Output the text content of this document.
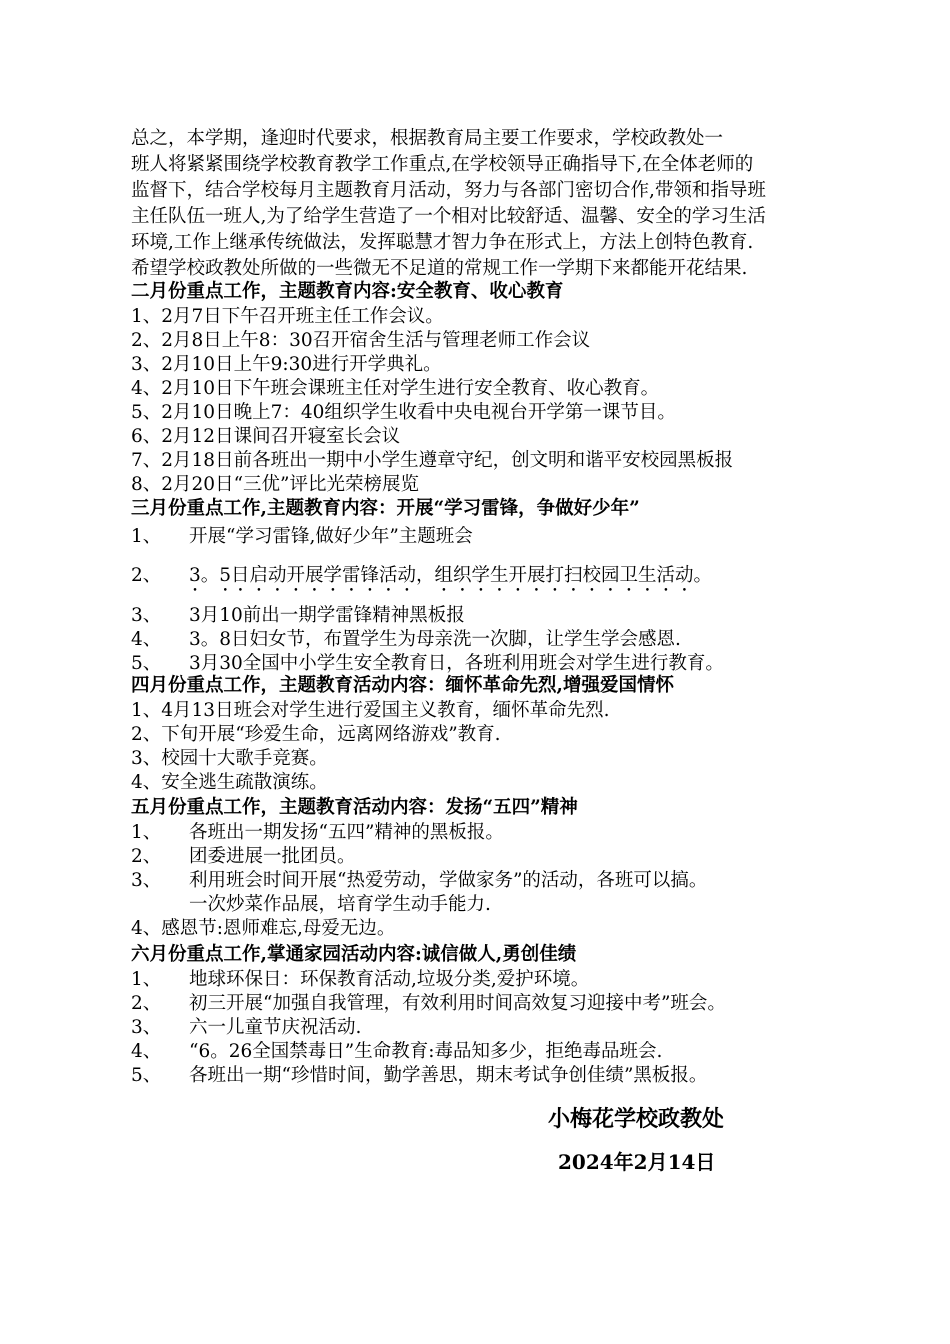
总之，本学期，逢迎时代要求，根据教育局主要工作要求，学校政教处一
班人将紧紧围绕学校教育教学工作重点,在学校领导正确指导下,在全体老师的
监督下，结合学校每月主题教育月活动，努力与各部门密切合作,带领和指导班
主任队伍一班人,为了给学生营造了一个相对比较舒适、温馨、安全的学习生活
环境,工作上继承传统做法，发挥聪慧才智力争在形式上，方法上创特色教育.
希望学校政教处所做的一些微无不足道的常规工作一学期下来都能开花结果.
二月份重点工作，主题教育内容:安全教育、收心教育
1、2月7日下午召开班主任工作会议。
2、2月8日上午8：30召开宿舍生活与管理老师工作会议
3、2月10日上午9:30进行开学典礼。
4、2月10日下午班会课班主任对学生进行安全教育、收心教育。
5、2月10日晚上7：40组织学生收看中央电视台开学第一课节目。
6、2月12日课间召开寝室长会议
7、2月18日前各班出一期中小学生遵章守纪，创文明和谐平安校园黑板报
8、2月20日“三优”评比光荣榜展览
三月份重点工作,主题教育内容：开展“学习雷锋，争做好少年”
1、 开展“学习雷锋,做好少年”主题班会
2、 3。5日启动开展学雷锋活动，组织学生开展打扫校园卫生活动。
3、 3月10前出一期学雷锋精神黑板报
4、 3。8日妇女节，布置学生为母亲洗一次脚，让学生学会感恩.
5、 3月30全国中小学生安全教育日，各班利用班会对学生进行教育。
四月份重点工作，主题教育活动内容：缅怀革命先烈,增强爱国情怀
1、4月13日班会对学生进行爱国主义教育，缅怀革命先烈.
2、下旬开展“珍爱生命，远离网络游戏”教育.
3、校园十大歌手竞赛。
4、安全逃生疏散演练。
五月份重点工作，主题教育活动内容：发扬“五四”精神
1、 各班出一期发扬“五四”精神的黑板报。
2、 团委进展一批团员。
3、 利用班会时间开展“热爱劳动，学做家务”的活动，各班可以搞。
一次炒菜作品展，培育学生动手能力.
4、感恩节:恩师难忘,母爱无边。
六月份重点工作,掌通家园活动内容:诚信做人,勇创佳绩
1、 地球环保日：环保教育活动,垃圾分类,爱护环境。
2、 初三开展“加强自我管理，有效利用时间高效复习迎接中考”班会。
3、 六一儿童节庆祝活动.
4、 “6。26全国禁毒日”生命教育:毒品知多少，拒绝毒品班会.
5、 各班出一期“珍惜时间，勤学善思，期末考试争创佳绩”黑板报。
小梅花学校政教处
2024年2月14日
